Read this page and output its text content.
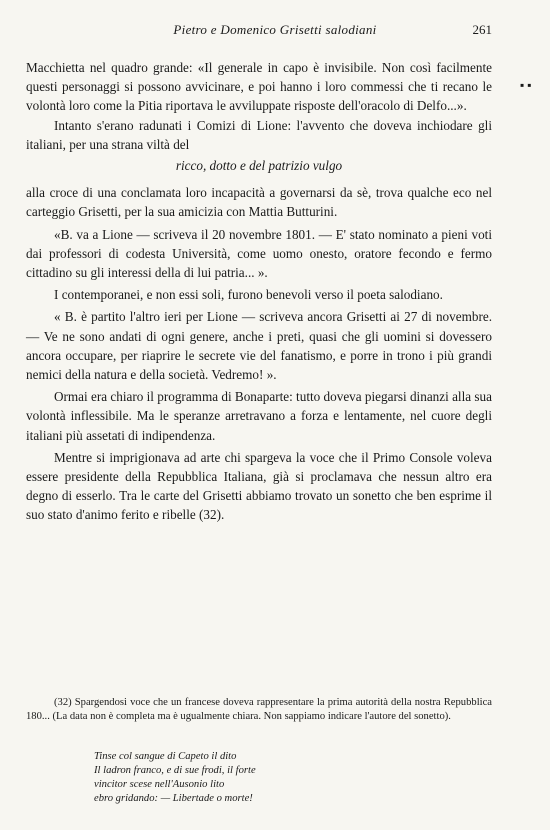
Pietro e Domenico Grisetti salodiani	261
▪ ▪

Macchietta nel quadro grande: «Il generale in capo è invisibile. Non così facilmente questi personaggi si possono avvicinare, e poi hanno i loro commessi che ti recano le volontà loro come la Pitia riportava le avviluppate risposte dell'oracolo di Delfo...».

Intanto s'erano radunati i Comizi di Lione: l'avvento che doveva inchiodare gli italiani, per una strana viltà del

ricco, dotto e del patrizio vulgo

alla croce di una conclamata loro incapacità a governarsi da sè, trova qualche eco nel carteggio Grisetti, per la sua amicizia con Mattia Butturini.

«B. va a Lione — scriveva il 20 novembre 1801. — E' stato nominato a pieni voti dai professori di codesta Università, come uomo onesto, oratore fecondo e fermo cittadino su gli interessi della di lui patria... ».

I contemporanei, e non essi soli, furono benevoli verso il poeta salodiano.

« B. è partito l'altro ieri per Lione — scriveva ancora Grisetti ai 27 di novembre. — Ve ne sono andati di ogni genere, anche i preti, quasi che gli uomini si dovessero ancora occupare, per riaprire le secrete vie del fanatismo, e porre in trono i più grandi nemici della natura e della società. Vedremo! ».

Ormai era chiaro il programma di Bonaparte: tutto doveva piegarsi dinanzi alla sua volontà inflessibile. Ma le speranze arretravano a forza e lentamente, nel cuore degli italiani più assetati di indipendenza.

Mentre si imprigionava ad arte chi spargeva la voce che il Primo Console voleva essere presidente della Repubblica Italiana, già si proclamava che nessun altro era degno di esserlo. Tra le carte del Grisetti abbiamo trovato un sonetto che ben esprime il suo stato d'animo ferito e ribelle (32).

(32) Spargendosi voce che un francese doveva rappresentare la prima autorità della nostra Repubblica 180... (La data non è completa ma è ugualmente chiara. Non sappiamo indicare l'autore del sonetto).

Tinse col sangue di Capeto il dito
Il ladron franco, e di sue frodi, il forte
vincitor scese nell'Ausonio lito
ebro gridando: — Libertade o morte!
